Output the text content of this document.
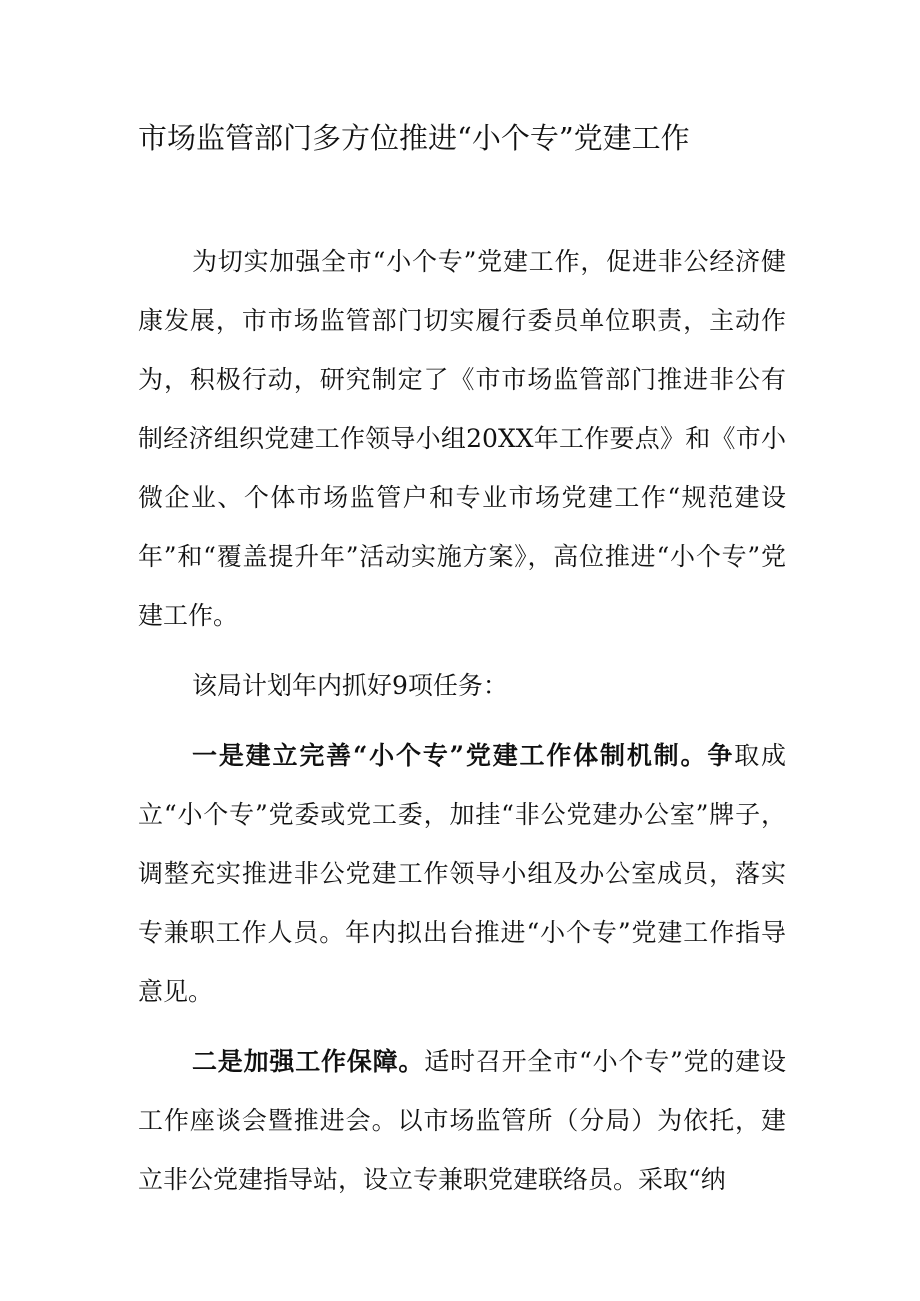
市场监管部门多方位推进“小个专”党建工作

为切实加强全市“小个专”党建工作，促进非公经济健康发展，市市场监管部门切实履行委员单位职责，主动作为，积极行动，研究制定了《市市场监管部门推进非公有制经济组织党建工作领导小组20XX年工作要点》和《市小微企业、个体市场监管户和专业市场党建工作“规范建设年”和“覆盖提升年”活动实施方案》，高位推进“小个专”党建工作。

该局计划年内抓好9项任务：

一是建立完善“小个专”党建工作体制机制。争取成立“小个专”党委或党工委，加挂“非公党建办公室”牌子，调整充实推进非公党建工作领导小组及办公室成员，落实专兼职工作人员。年内拟出台推进“小个专”党建工作指导意见。

二是加强工作保障。适时召开全市“小个专”党的建设工作座谈会暨推进会。以市场监管所（分局）为依托，建立非公党建指导站，设立专兼职党建联络员。采取“纳
